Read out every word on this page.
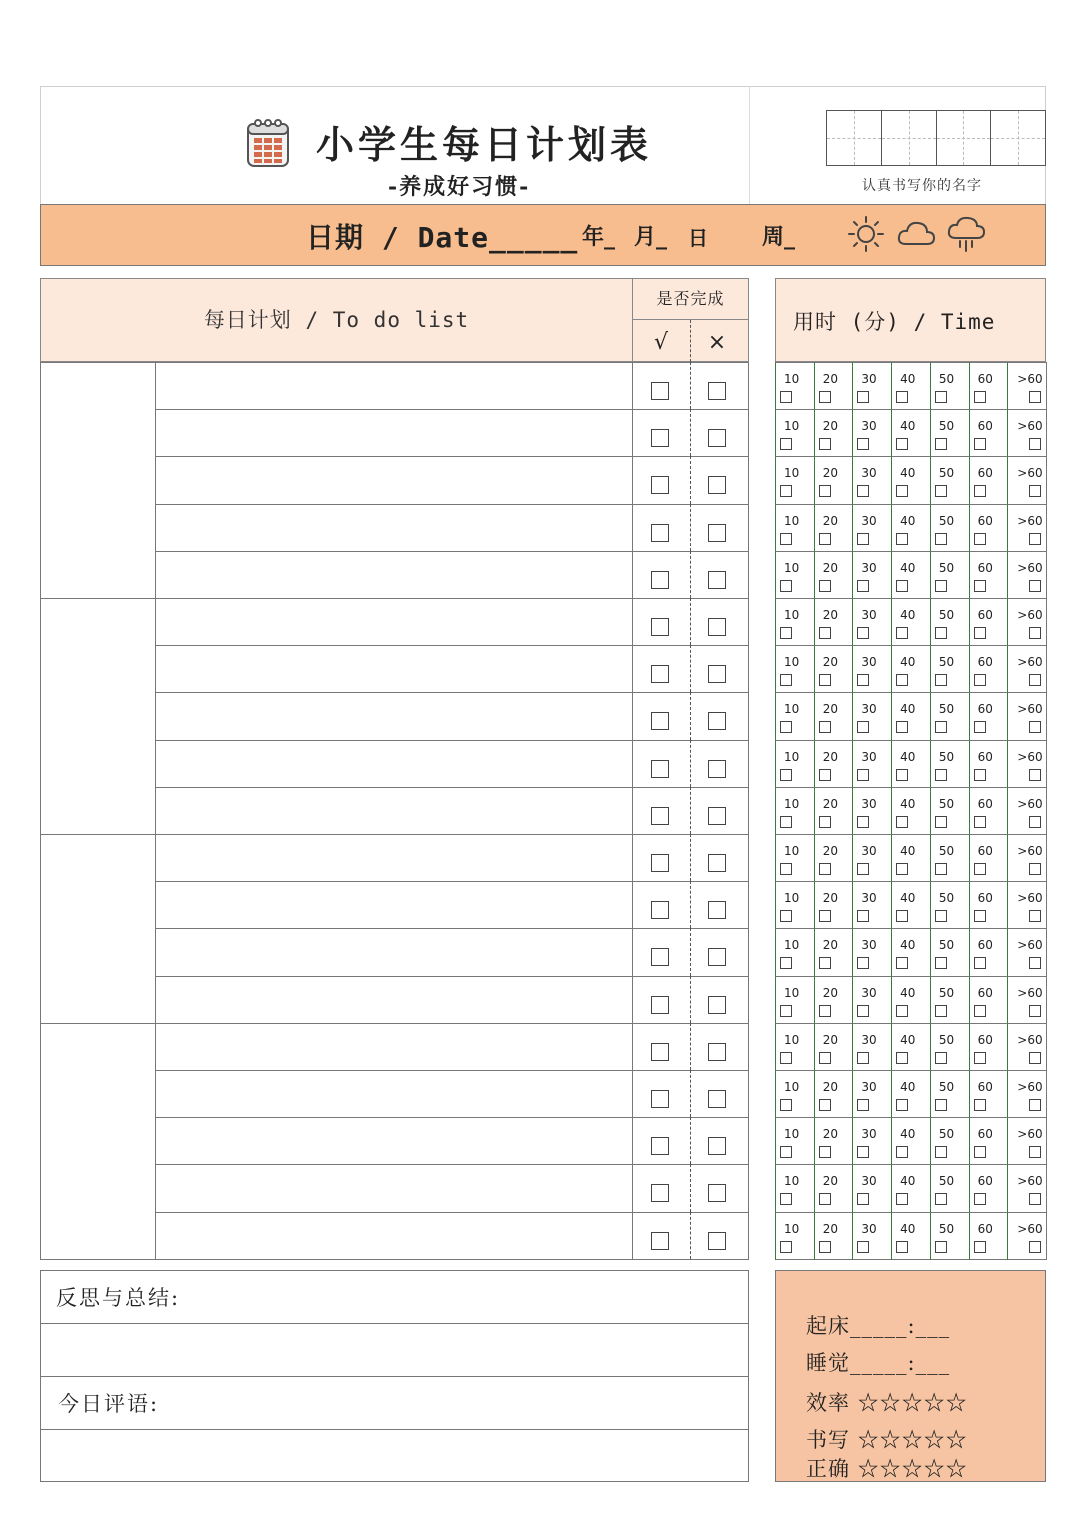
小学生每日计划表
-养成好习惯-	认真书写你的名字
日期 / Date_____ 年_ 月_ 日 周_
每日计划 / To do list
是否完成
√ ×
用时 (分) / Time
10 20 30 40 50 60 >60
10 20 30 40 50 60 >60
10 20 30 40 50 60 >60
10 20 30 40 50 60 >60
10 20 30 40 50 60 >60
10 20 30 40 50 60 >60
10 20 30 40 50 60 >60
10 20 30 40 50 60 >60
10 20 30 40 50 60 >60
10 20 30 40 50 60 >60
10 20 30 40 50 60 >60
10 20 30 40 50 60 >60
10 20 30 40 50 60 >60
10 20 30 40 50 60 >60
10 20 30 40 50 60 >60
10 20 30 40 50 60 >60
10 20 30 40 50 60 >60
10 20 30 40 50 60 >60
10 20 30 40 50 60 >60
反思与总结:
今日评语:
起床_____:___
睡觉_____:___
效率 ☆☆☆☆☆
书写 ☆☆☆☆☆
正确 ☆☆☆☆☆
